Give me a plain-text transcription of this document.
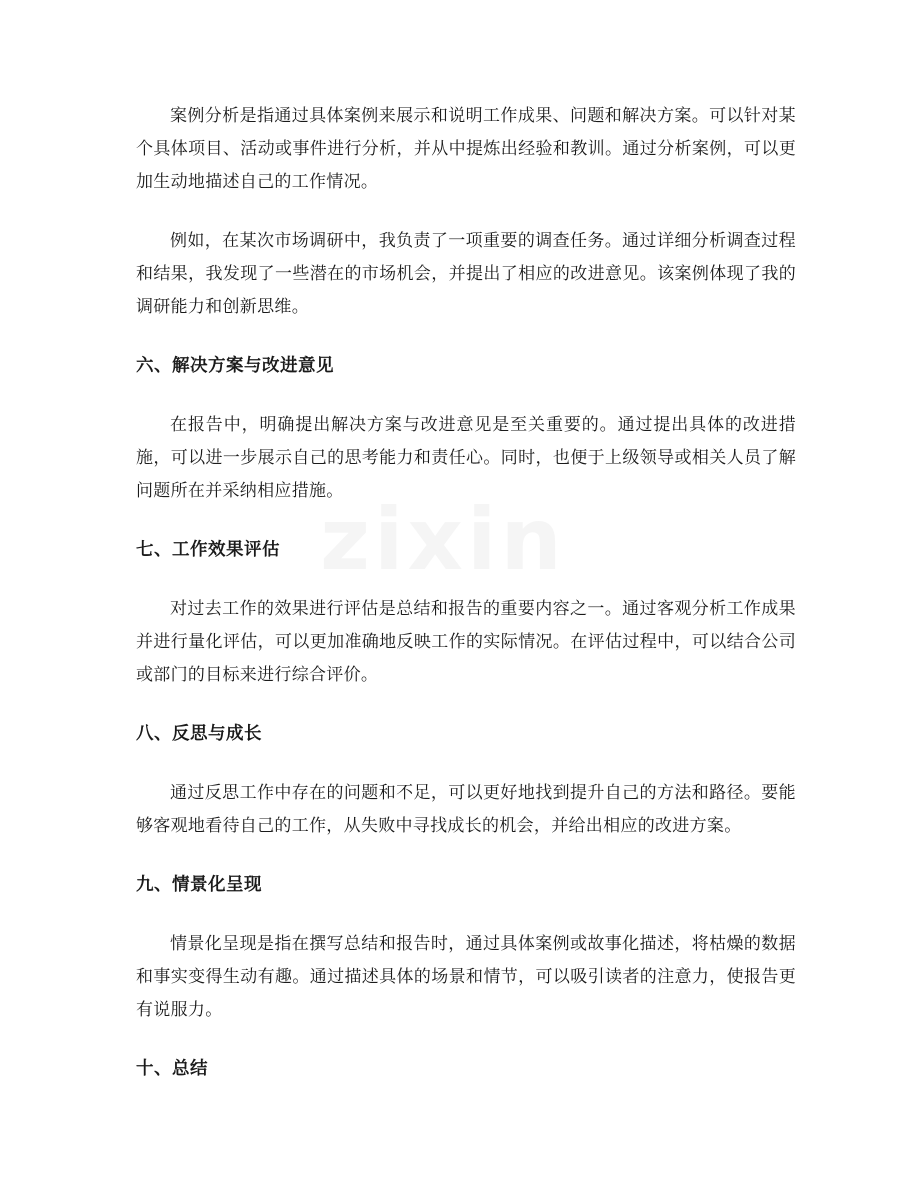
zixin

案例分析是指通过具体案例来展示和说明工作成果、问题和解决方案。可以针对某个具体项目、活动或事件进行分析，并从中提炼出经验和教训。通过分析案例，可以更加生动地描述自己的工作情况。

例如，在某次市场调研中，我负责了一项重要的调查任务。通过详细分析调查过程和结果，我发现了一些潜在的市场机会，并提出了相应的改进意见。该案例体现了我的调研能力和创新思维。

六、解决方案与改进意见

在报告中，明确提出解决方案与改进意见是至关重要的。通过提出具体的改进措施，可以进一步展示自己的思考能力和责任心。同时，也便于上级领导或相关人员了解问题所在并采纳相应措施。

七、工作效果评估

对过去工作的效果进行评估是总结和报告的重要内容之一。通过客观分析工作成果并进行量化评估，可以更加准确地反映工作的实际情况。在评估过程中，可以结合公司或部门的目标来进行综合评价。

八、反思与成长

通过反思工作中存在的问题和不足，可以更好地找到提升自己的方法和路径。要能够客观地看待自己的工作，从失败中寻找成长的机会，并给出相应的改进方案。

九、情景化呈现

情景化呈现是指在撰写总结和报告时，通过具体案例或故事化描述，将枯燥的数据和事实变得生动有趣。通过描述具体的场景和情节，可以吸引读者的注意力，使报告更有说服力。

十、总结
